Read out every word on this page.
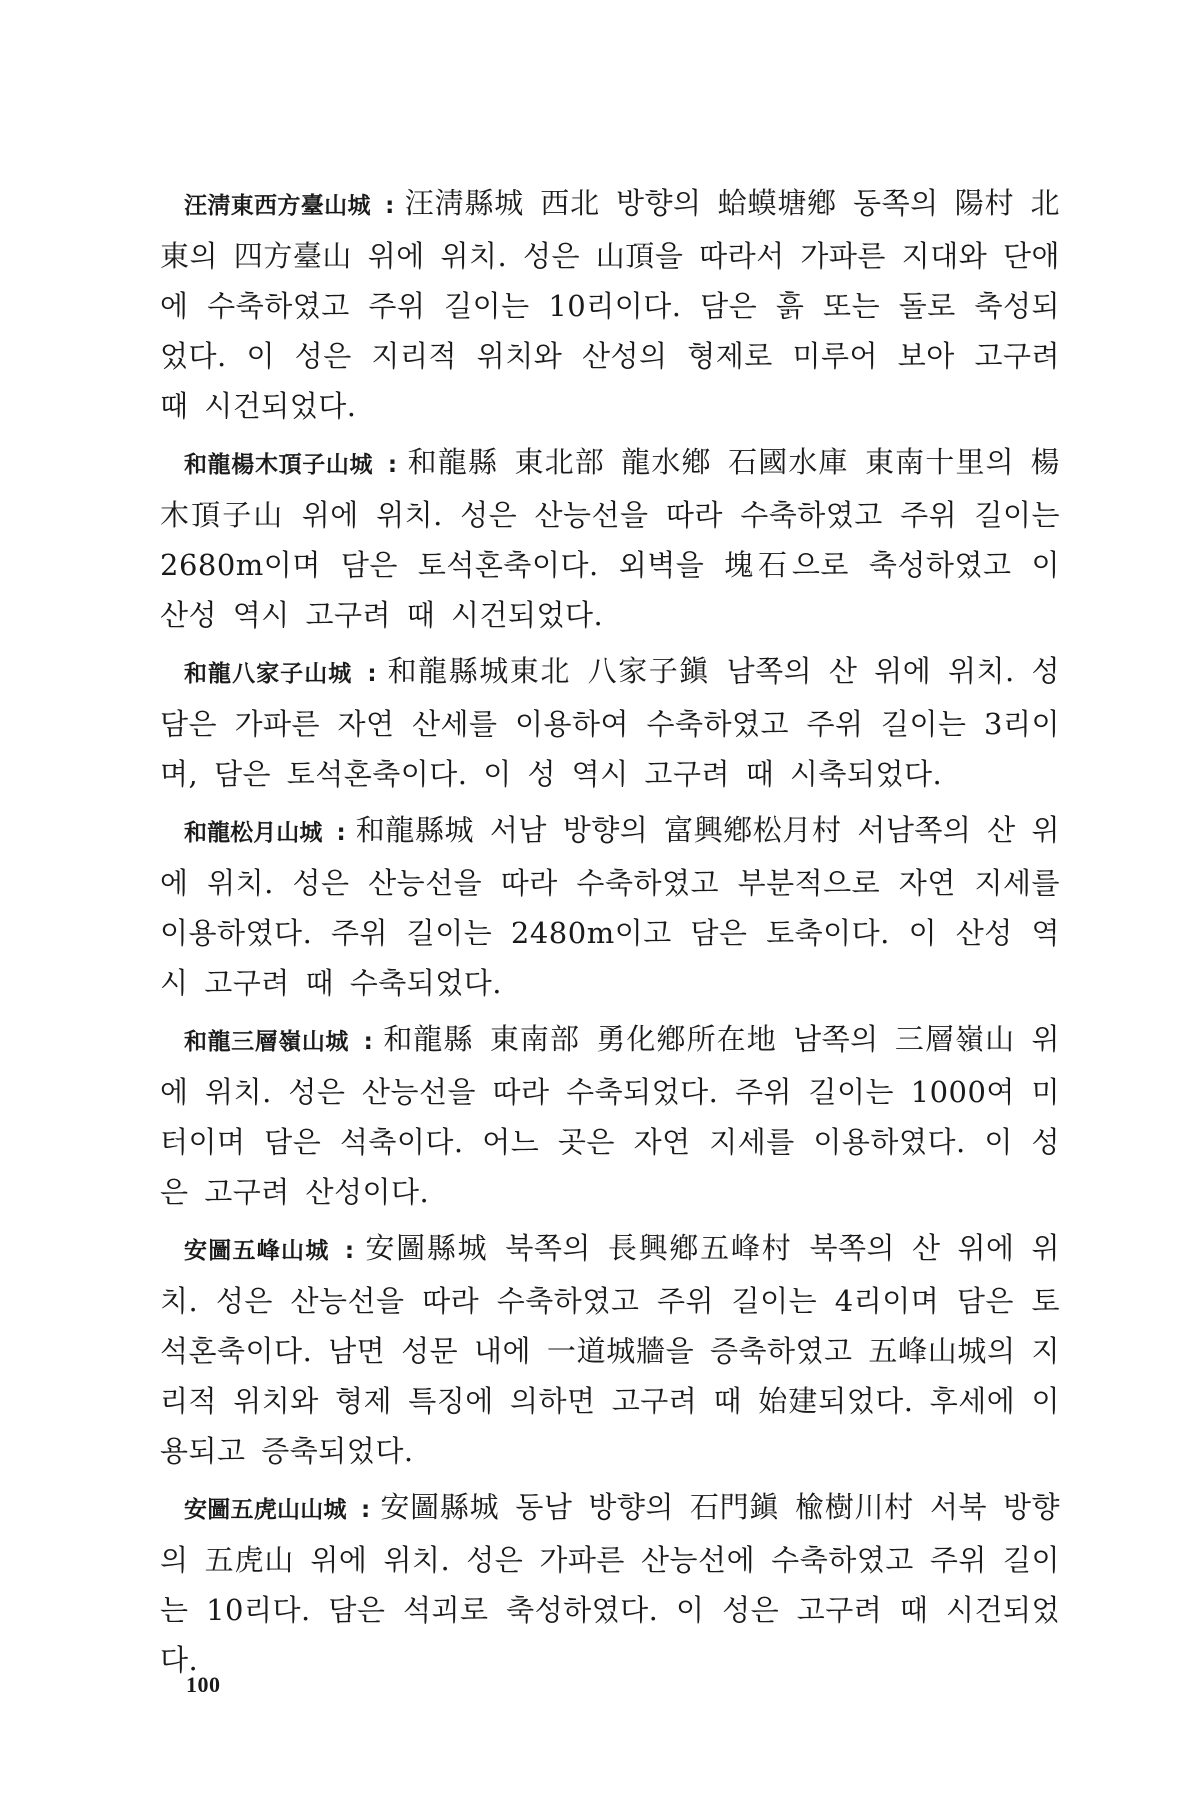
汪淸東西方臺山城 : 汪淸縣城 西北 방향의 蛤蟆塘鄕 동쪽의 陽村 北東의 四方臺山 위에 위치. 성은 山頂을 따라서 가파른 지대와 단애에 수축하였고 주위 길이는 10리이다. 담은 흙 또는 돌로 축성되었다. 이 성은 지리적 위치와 산성의 형제로 미루어 보아 고구려 때 시건되었다.

和龍楊木頂子山城 : 和龍縣 東北部 龍水鄕 石國水庫 東南十里의 楊木頂子山 위에 위치. 성은 산능선을 따라 수축하였고 주위 길이는 2680m이며 담은 토석혼축이다. 외벽을 塊石으로 축성하였고 이 산성 역시 고구려 때 시건되었다.

和龍八家子山城 : 和龍縣城東北 八家子鎭 남쪽의 산 위에 위치. 성담은 가파른 자연 산세를 이용하여 수축하였고 주위 길이는 3리이며, 담은 토석혼축이다. 이 성 역시 고구려 때 시축되었다.

和龍松月山城 : 和龍縣城 서남 방향의 富興鄕松月村 서남쪽의 산 위에 위치. 성은 산능선을 따라 수축하였고 부분적으로 자연 지세를 이용하였다. 주위 길이는 2480m이고 담은 토축이다. 이 산성 역시 고구려 때 수축되었다.

和龍三層嶺山城 : 和龍縣 東南部 勇化鄕所在地 남쪽의 三層嶺山 위에 위치. 성은 산능선을 따라 수축되었다. 주위 길이는 1000여 미터이며 담은 석축이다. 어느 곳은 자연 지세를 이용하였다. 이 성은 고구려 산성이다.

安圖五峰山城 : 安圖縣城 북쪽의 長興鄕五峰村 북쪽의 산 위에 위치. 성은 산능선을 따라 수축하였고 주위 길이는 4리이며 담은 토석혼축이다. 남면 성문 내에 一道城牆을 증축하였고 五峰山城의 지리적 위치와 형제 특징에 의하면 고구려 때 始建되었다. 후세에 이용되고 증축되었다.

安圖五虎山山城 : 安圖縣城 동남 방향의 石門鎭 楡樹川村 서북 방향의 五虎山 위에 위치. 성은 가파른 산능선에 수축하였고 주위 길이는 10리다. 담은 석괴로 축성하였다. 이 성은 고구려 때 시건되었다.

100
